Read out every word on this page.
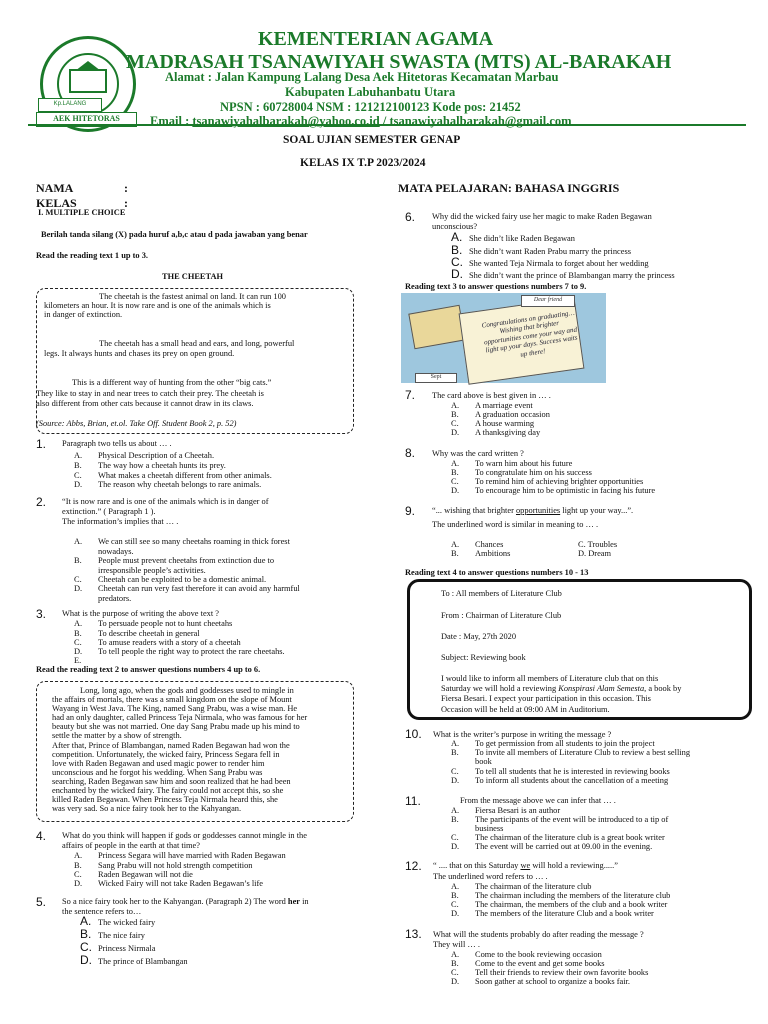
Kp.LALANG
AEK HITETORAS
KEMENTERIAN AGAMA
MADRASAH TSANAWIYAH SWASTA (MTS) AL-BARAKAH
Alamat : Jalan Kampung Lalang Desa Aek Hitetoras Kecamatan Marbau
Kabupaten Labuhanbatu Utara
NPSN : 60728004 NSM : 121212100123 Kode pos: 21452
Email : tsanawiyahalbarakah@yahoo.co.id / tsanawiyahalbarakah@gmail.com
SOAL UJIAN SEMESTER GENAP
KELAS IX T.P 2023/2024
NAMA	:
KELAS	:
MATA PELAJARAN: BAHASA INGGRIS
I. MULTIPLE CHOICE
Berilah tanda silang (X) pada huruf a,b,c atau d pada jawaban yang benar
Read the reading text 1 up to 3.
THE CHEETAH
The cheetah is the fastest animal on land. It can run 100
kilometers an hour. It is now rare and is one of the animals which is
in danger of extinction.
The cheetah has a small head and ears, and long, powerful
legs. It always hunts and chases its prey on open ground.
This is a different way of hunting from the other “big cats.”
They like to stay in and near trees to catch their prey. The cheetah is
also different from other cats because it cannot draw in its claws.
(Source: Abbs, Brian, et.ol. Take Off. Student Book 2, p. 52)
1. Paragraph two tells us about … .
A. Physical Description of a Cheetah.
B. The way how a cheetah hunts its prey.
C. What makes a cheetah different from other animals.
D. The reason why cheetah belongs to rare animals.
2. “It is now rare and is one of the animals which is in danger of
extinction.” ( Paragraph 1 ).
The information’s implies that … .
A. We can still see so many cheetahs roaming in thick forest
nowadays.
B. People must prevent cheetahs from extinction due to
irresponsible people’s activities.
C. Cheetah can be exploited to be a domestic animal.
D. Cheetah can run very fast therefore it can avoid any harmful
predators.
3. What is the purpose of writing the above text ?
A. To persuade people not to hunt cheetahs
B. To describe cheetah in general
C. To amuse readers with a story of a cheetah
D. To tell people the right way to protect the rare cheetahs.
E.
Read the reading text 2 to answer questions numbers 4 up to 6.
Long, long ago, when the gods and goddesses used to mingle in
the affairs of mortals, there was a small kingdom on the slope of Mount
Wayang in West Java. The King, named Sang Prabu, was a wise man. He
had an only daughter, called Princess Teja Nirmala, who was famous for her
beauty but she was not married. One day Sang Prabu made up his mind to
settle the matter by a show of strength.
After that, Prince of Blambangan, named Raden Begawan had won the
competition. Unfortunately, the wicked fairy, Princess Segara fell in
love with Raden Begawan and used magic power to render him
unconscious and he forgot his wedding. When Sang Prabu was
searching, Raden Begawan saw him and soon realized that he had been
enchanted by the wicked fairy. The fairy could not accept this, so she
killed Raden Begawan. When Princess Teja Nirmala heard this, she
was very sad. So a nice fairy took her to the Kahyangan.
4. What do you think will happen if gods or goddesses cannot mingle in the
affairs of people in the earth at that time?
A. Princess Segara will have married with Raden Begawan
B. Sang Prabu will not hold strength competition
C. Raden Begawan will not die
D. Wicked Fairy will not take Raden Begawan’s life
5. So a nice fairy took her to the Kahyangan. (Paragraph 2) The word her in
the sentence refers to…
A. The wicked fairy
B. The nice fairy
C. Princess Nirmala
D. The prince of Blambangan
6. Why did the wicked fairy use her magic to make Raden Begawan
unconscious?
A. She didn’t like Raden Begawan
B. She didn’t want Raden Prabu marry the princess
C. She wanted Teja Nirmala to forget about her wedding
D. She didn’t want the prince of Blambangan marry the princess
Reading text 3 to answer questions numbers 7 to 9.
Dear friend
Congratulations on graduating… Wishing that brighter opportunities come your way and light up your days. Success waits up there!
Sept
7. The card above is best given in … .
A. A marriage event
B. A graduation occasion
C. A house warming
D. A thanksgiving day
8. Why was the card written ?
A. To warn him about his future
B. To congratulate him on his success
C. To remind him of achieving brighter opportunities
D. To encourage him to be optimistic in facing his future
9. “... wishing that brighter opportunities light up your way...”.
The underlined word is similar in meaning to … .
A. Chances
B. Ambitions
C. Troubles
D. Dream
Reading text 4 to answer questions numbers 10 - 13
To : All members of Literature Club
From : Chairman of Literature Club
Date : May, 27th 2020
Subject: Reviewing book
I would like to inform all members of Literature club that on this
Saturday we will hold a reviewing Konspirasi Alam Semesta, a book by
Fiersa Besari. I expect your participation in this occasion. This
Occasion will be held at 09:00 AM in Auditorium.
10. What is the writer’s purpose in writing the message ?
A. To get permission from all students to join the project
B. To invite all members of Literature Club to review a best selling
book
C. To tell all students that he is interested in reviewing books
D. To inform all students about the cancellation of a meeting
11.	From the message above we can infer that … .
A. Fiersa Besari is an author
B. The participants of the event will be introduced to a tip of
business
C. The chairman of the literature club is a great book writer
D. The event will be carried out at 09.00 in the evening.
12. “ .... that on this Saturday we will hold a reviewing.....”
The underlined word refers to … .
A. The chairman of the literature club
B. The chairman including the members of the literature club
C. The chairman, the members of the club and a book writer
D. The members of the literature Club and a book writer
13. What will the students probably do after reading the message ?
They will … .
A. Come to the book reviewing occasion
B. Come to the event and get some books
C. Tell their friends to review their own favorite books
D. Soon gather at school to organize a books fair.
